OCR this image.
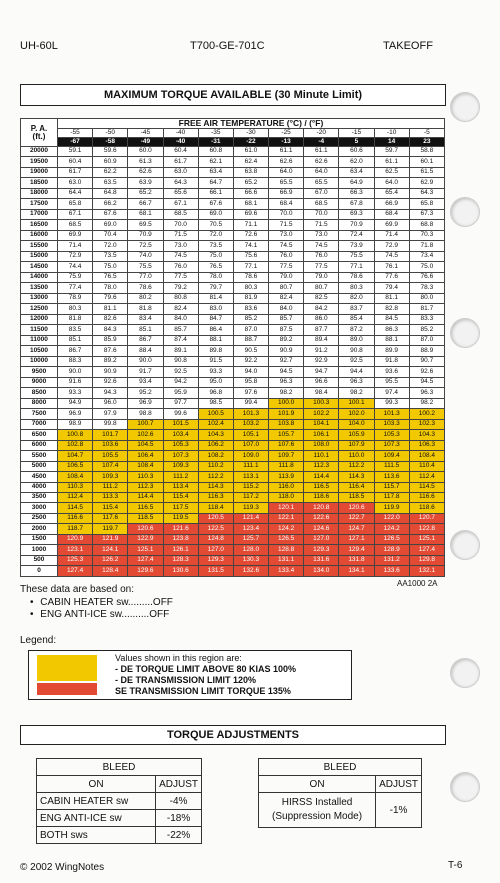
UH-60L	T700-GE-701C	TAKEOFF
MAXIMUM TORQUE AVAILABLE (30 Minute Limit)
P. A.
(ft.)	FREE AIR TEMPERATURE (°C) / (°F)										
	-55	-50	-45	-40	-35	-30	-25	-20	-15	-10	-5
	-67	-58	-49	-40	-31	-22	-13	-4	5	14	23
20000	59.1	59.6	60.0	60.4	60.8	61.0	61.1	61.1	60.6	59.7	58.8
19500	60.4	60.9	61.3	61.7	62.1	62.4	62.6	62.6	62.0	61.1	60.1
19000	61.7	62.2	62.6	63.0	63.4	63.8	64.0	64.0	63.4	62.5	61.5
18500	63.0	63.5	63.9	64.3	64.7	65.2	65.5	65.5	64.9	64.0	62.9
18000	64.4	64.8	65.2	65.6	66.1	66.6	66.9	67.0	66.3	65.4	64.3
17500	65.8	66.2	66.7	67.1	67.6	68.1	68.4	68.5	67.8	66.9	65.8
17000	67.1	67.6	68.1	68.5	69.0	69.6	70.0	70.0	69.3	68.4	67.3
16500	68.5	69.0	69.5	70.0	70.5	71.1	71.5	71.5	70.9	69.9	68.8
16000	69.9	70.4	70.9	71.5	72.0	72.6	73.0	73.0	72.4	71.4	70.3
15500	71.4	72.0	72.5	73.0	73.5	74.1	74.5	74.5	73.9	72.9	71.8
15000	72.9	73.5	74.0	74.5	75.0	75.6	76.0	76.0	75.5	74.5	73.4
14500	74.4	75.0	75.5	76.0	76.5	77.1	77.5	77.5	77.1	76.1	75.0
14000	75.9	76.5	77.0	77.5	78.0	78.6	79.0	79.0	78.6	77.6	76.6
13500	77.4	78.0	78.6	79.2	79.7	80.3	80.7	80.7	80.3	79.4	78.3
13000	78.9	79.6	80.2	80.8	81.4	81.9	82.4	82.5	82.0	81.1	80.0
12500	80.3	81.1	81.8	82.4	83.0	83.6	84.0	84.2	83.7	82.8	81.7
12000	81.8	82.6	83.4	84.0	84.7	85.2	85.7	86.0	85.4	84.5	83.3
11500	83.5	84.3	85.1	85.7	86.4	87.0	87.5	87.7	87.2	86.3	85.2
11000	85.1	85.9	86.7	87.4	88.1	88.7	89.2	89.4	89.0	88.1	87.0
10500	86.7	87.6	88.4	89.1	89.8	90.5	90.9	91.2	90.8	89.9	88.9
10000	88.3	89.2	90.0	90.8	91.5	92.2	92.7	92.9	92.5	91.8	90.7
9500	90.0	90.9	91.7	92.5	93.3	94.0	94.5	94.7	94.4	93.6	92.6
9000	91.6	92.6	93.4	94.2	95.0	95.8	96.3	96.6	96.3	95.5	94.5
8500	93.3	94.3	95.2	95.9	96.8	97.6	98.2	98.4	98.2	97.4	96.3
8000	94.9	96.0	96.9	97.7	98.5	99.4	100.0	100.3	100.1	99.3	98.2
7500	96.9	97.9	98.8	99.6	100.5	101.3	101.9	102.2	102.0	101.3	100.2
7000	98.9	99.8	100.7	101.5	102.4	103.2	103.8	104.1	104.0	103.3	102.3
6500	100.8	101.7	102.6	103.4	104.3	105.1	105.7	106.1	105.9	105.3	104.3
6000	102.8	103.6	104.5	105.3	106.2	107.0	107.6	108.0	107.9	107.3	106.3
5500	104.7	105.5	106.4	107.3	108.2	109.0	109.7	110.1	110.0	109.4	108.4
5000	106.5	107.4	108.4	109.3	110.2	111.1	111.8	112.3	112.2	111.5	110.4
4500	108.4	109.3	110.3	111.2	112.2	113.1	113.9	114.4	114.3	113.6	112.4
4000	110.3	111.2	112.3	113.4	114.3	115.2	116.0	116.5	116.4	115.7	114.5
3500	112.4	113.3	114.4	115.4	116.3	117.2	118.0	118.6	118.5	117.8	116.6
3000	114.5	115.4	116.5	117.5	118.4	119.3	120.1	120.8	120.6	119.9	118.6
2500	116.6	117.6	118.5	119.5	120.5	121.4	122.1	122.6	122.7	122.0	120.7
2000	118.7	119.7	120.6	121.6	122.5	123.4	124.2	124.6	124.7	124.2	122.8
1500	120.9	121.9	122.9	123.8	124.8	125.7	126.5	127.0	127.1	126.5	125.1
1000	123.1	124.1	125.1	126.1	127.0	128.0	128.8	129.3	129.4	128.9	127.4
500	125.3	126.2	127.4	128.3	129.3	130.3	131.1	131.6	131.8	131.2	129.8
0	127.4	128.4	129.6	130.6	131.5	132.6	133.4	134.0	134.1	133.6	132.1
AA1000 2A
These data are based on:
• CABIN HEATER sw.........OFF
• ENG ANTI-ICE sw..........OFF
Legend:
Values shown in this region are:
- DE TORQUE LIMIT ABOVE 80 KIAS 100%
- DE TRANSMISSION LIMIT 120%
SE TRANSMISSION LIMIT TORQUE 135%
TORQUE ADJUSTMENTS
BLEED	
ON	ADJUST
CABIN HEATER sw	-4%
ENG ANTI-ICE sw	-18%
BOTH sws	-22%
BLEED	
ON	ADJUST
HIRSS Installed
(Suppression Mode)	-1%
© 2002 WingNotes	T-6
